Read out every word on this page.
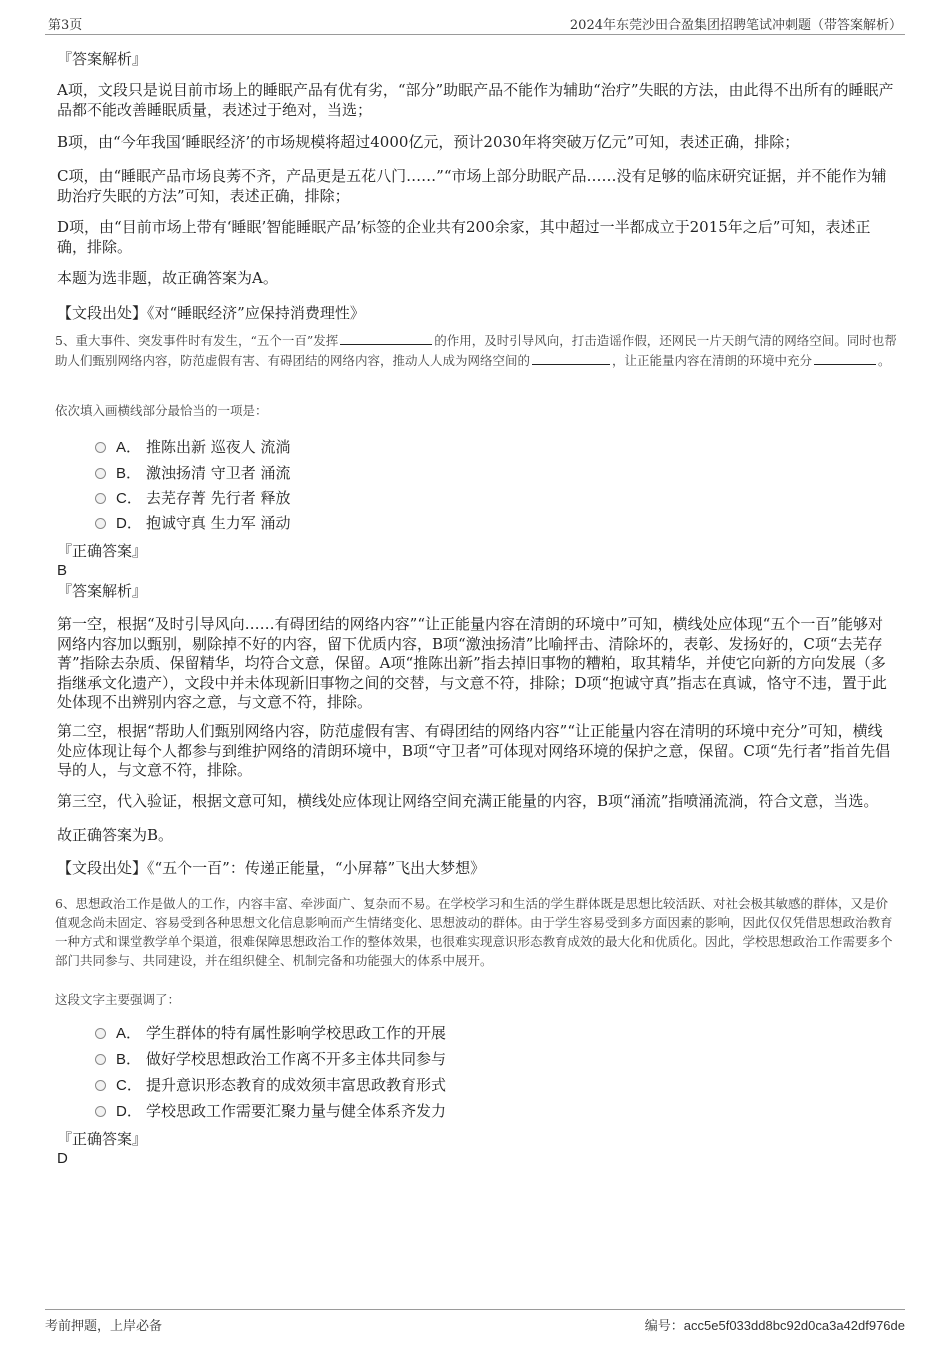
第3页	2024年东莞沙田合盈集团招聘笔试冲刺题（带答案解析）
『答案解析』
A项，文段只是说目前市场上的睡眠产品有优有劣，“部分”助眠产品不能作为辅助“治疗”失眠的方法，由此得不出所有的睡眠产品都不能改善睡眠质量，表述过于绝对，当选；
B项，由“今年我国‘睡眠经济’的市场规模将超过4000亿元，预计2030年将突破万亿元”可知，表述正确，排除；
C项，由“睡眠产品市场良莠不齐，产品更是五花八门……”“市场上部分助眠产品……没有足够的临床研究证据，并不能作为辅助治疗失眠的方法”可知，表述正确，排除；
D项，由“目前市场上带有‘睡眠’智能睡眠产品’标签的企业共有200余家，其中超过一半都成立于2015年之后”可知，表述正确，排除。
本题为选非题，故正确答案为A。
【文段出处】《对“睡眠经济”应保持消费理性》
5、重大事件、突发事件时有发生，“五个一百”发挥	的作用，及时引导风向，打击造谣作假，还网民一片天朗气清的网络空间。同时也帮助人们甄别网络内容，防范虚假有害、有碍团结的网络内容，推动人人成为网络空间的	，让正能量内容在清朗的环境中充分	。
依次填入画横线部分最恰当的一项是：
A． 推陈出新 巡夜人 流淌
B． 激浊扬清 守卫者 涌流
C． 去芜存菁 先行者 释放
D． 抱诚守真 生力军 涌动
『正确答案』
B
『答案解析』
第一空，根据“及时引导风向……有碍团结的网络内容”“让正能量内容在清朗的环境中”可知，横线处应体现“五个一百”能够对网络内容加以甄别，剔除掉不好的内容，留下优质内容，B项“激浊扬清”比喻抨击、清除坏的，表彰、发扬好的，C项“去芜存菁”指除去杂质、保留精华，均符合文意，保留。A项“推陈出新”指去掉旧事物的糟粕，取其精华，并使它向新的方向发展（多指继承文化遗产），文段中并未体现新旧事物之间的交替，与文意不符，排除；D项“抱诚守真”指志在真诚，恪守不违，置于此处体现不出辨别内容之意，与文意不符，排除。
第二空，根据“帮助人们甄别网络内容，防范虚假有害、有碍团结的网络内容”“让正能量内容在清明的环境中充分”可知，横线处应体现让每个人都参与到维护网络的清朗环境中，B项“守卫者”可体现对网络环境的保护之意，保留。C项“先行者”指首先倡导的人，与文意不符，排除。
第三空，代入验证，根据文意可知，横线处应体现让网络空间充满正能量的内容，B项“涌流”指喷涌流淌，符合文意，当选。
故正确答案为B。
【文段出处】《“五个一百”：传递正能量，“小屏幕”飞出大梦想》
6、思想政治工作是做人的工作，内容丰富、牵涉面广、复杂而不易。在学校学习和生活的学生群体既是思想比较活跃、对社会极其敏感的群体，又是价值观念尚未固定、容易受到各种思想文化信息影响而产生情绪变化、思想波动的群体。由于学生容易受到多方面因素的影响，因此仅仅凭借思想政治教育一种方式和课堂教学单个渠道，很难保障思想政治工作的整体效果，也很难实现意识形态教育成效的最大化和优质化。因此，学校思想政治工作需要多个部门共同参与、共同建设，并在组织健全、机制完备和功能强大的体系中展开。
这段文字主要强调了：
A． 学生群体的特有属性影响学校思政工作的开展
B． 做好学校思想政治工作离不开多主体共同参与
C． 提升意识形态教育的成效须丰富思政教育形式
D． 学校思政工作需要汇聚力量与健全体系齐发力
『正确答案』
D
考前押题，上岸必备	编号：acc5e5f033dd8bc92d0ca3a42df976de
